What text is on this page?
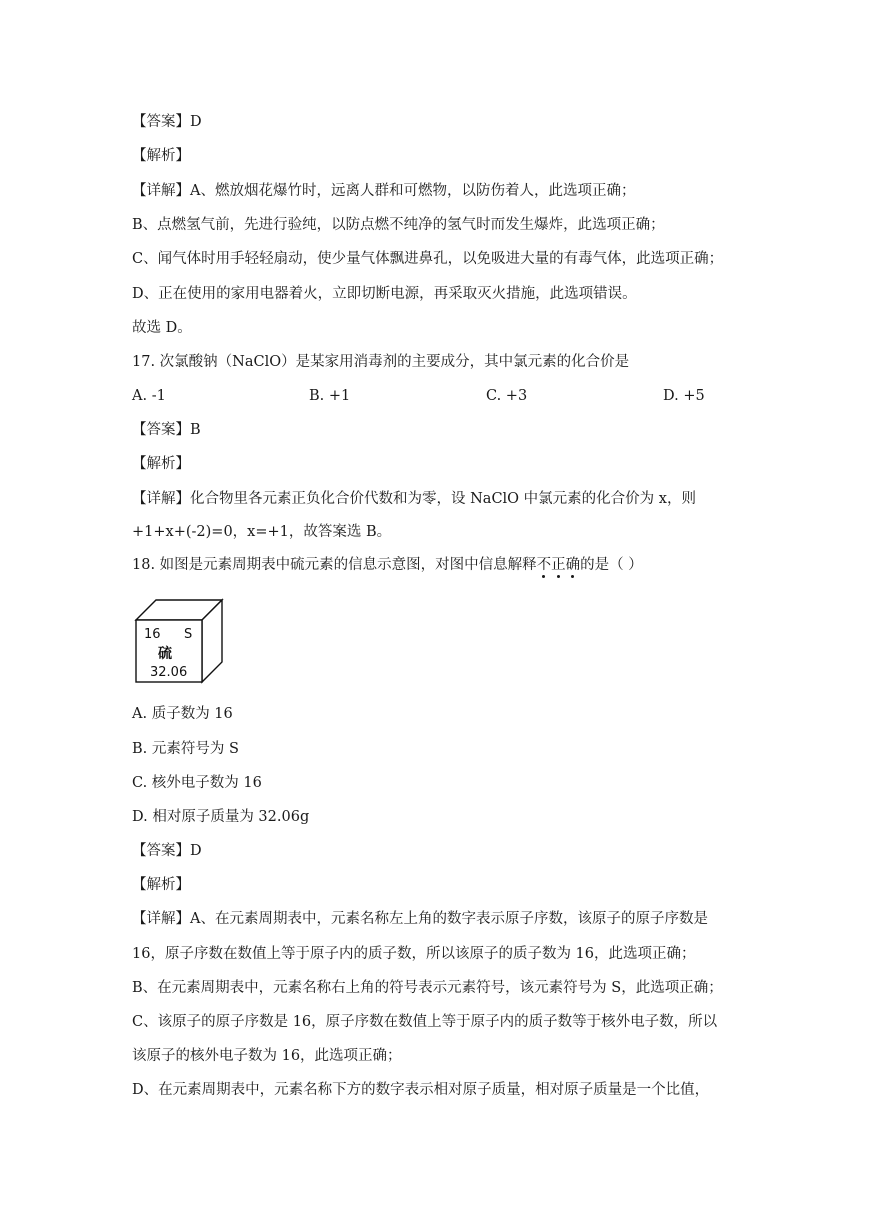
【答案】D
【解析】
【详解】A、燃放烟花爆竹时，远离人群和可燃物，以防伤着人，此选项正确；
B、点燃氢气前，先进行验纯，以防点燃不纯净的氢气时而发生爆炸，此选项正确；
C、闻气体时用手轻轻扇动，使少量气体飘进鼻孔，以免吸进大量的有毒气体，此选项正确；
D、正在使用的家用电器着火，立即切断电源，再采取灭火措施，此选项错误。
故选 D。
17. 次氯酸钠（NaClO）是某家用消毒剂的主要成分，其中氯元素的化合价是
A. -1	B. +1	C. +3	D. +5
【答案】B
【解析】
【详解】化合物里各元素正负化合价代数和为零，设 NaClO 中氯元素的化合价为 x，则
+1+x+(-2)=0，x=+1，故答案选 B。
18. 如图是元素周期表中硫元素的信息示意图，对图中信息解释不正确的是（ ）
16 S
硫
32.06
A. 质子数为 16
B. 元素符号为 S
C. 核外电子数为 16
D. 相对原子质量为 32.06g
【答案】D
【解析】
【详解】A、在元素周期表中，元素名称左上角的数字表示原子序数，该原子的原子序数是
16，原子序数在数值上等于原子内的质子数，所以该原子的质子数为 16，此选项正确；
B、在元素周期表中，元素名称右上角的符号表示元素符号，该元素符号为 S，此选项正确；
C、该原子的原子序数是 16，原子序数在数值上等于原子内的质子数等于核外电子数，所以
该原子的核外电子数为 16，此选项正确；
D、在元素周期表中，元素名称下方的数字表示相对原子质量，相对原子质量是一个比值，
